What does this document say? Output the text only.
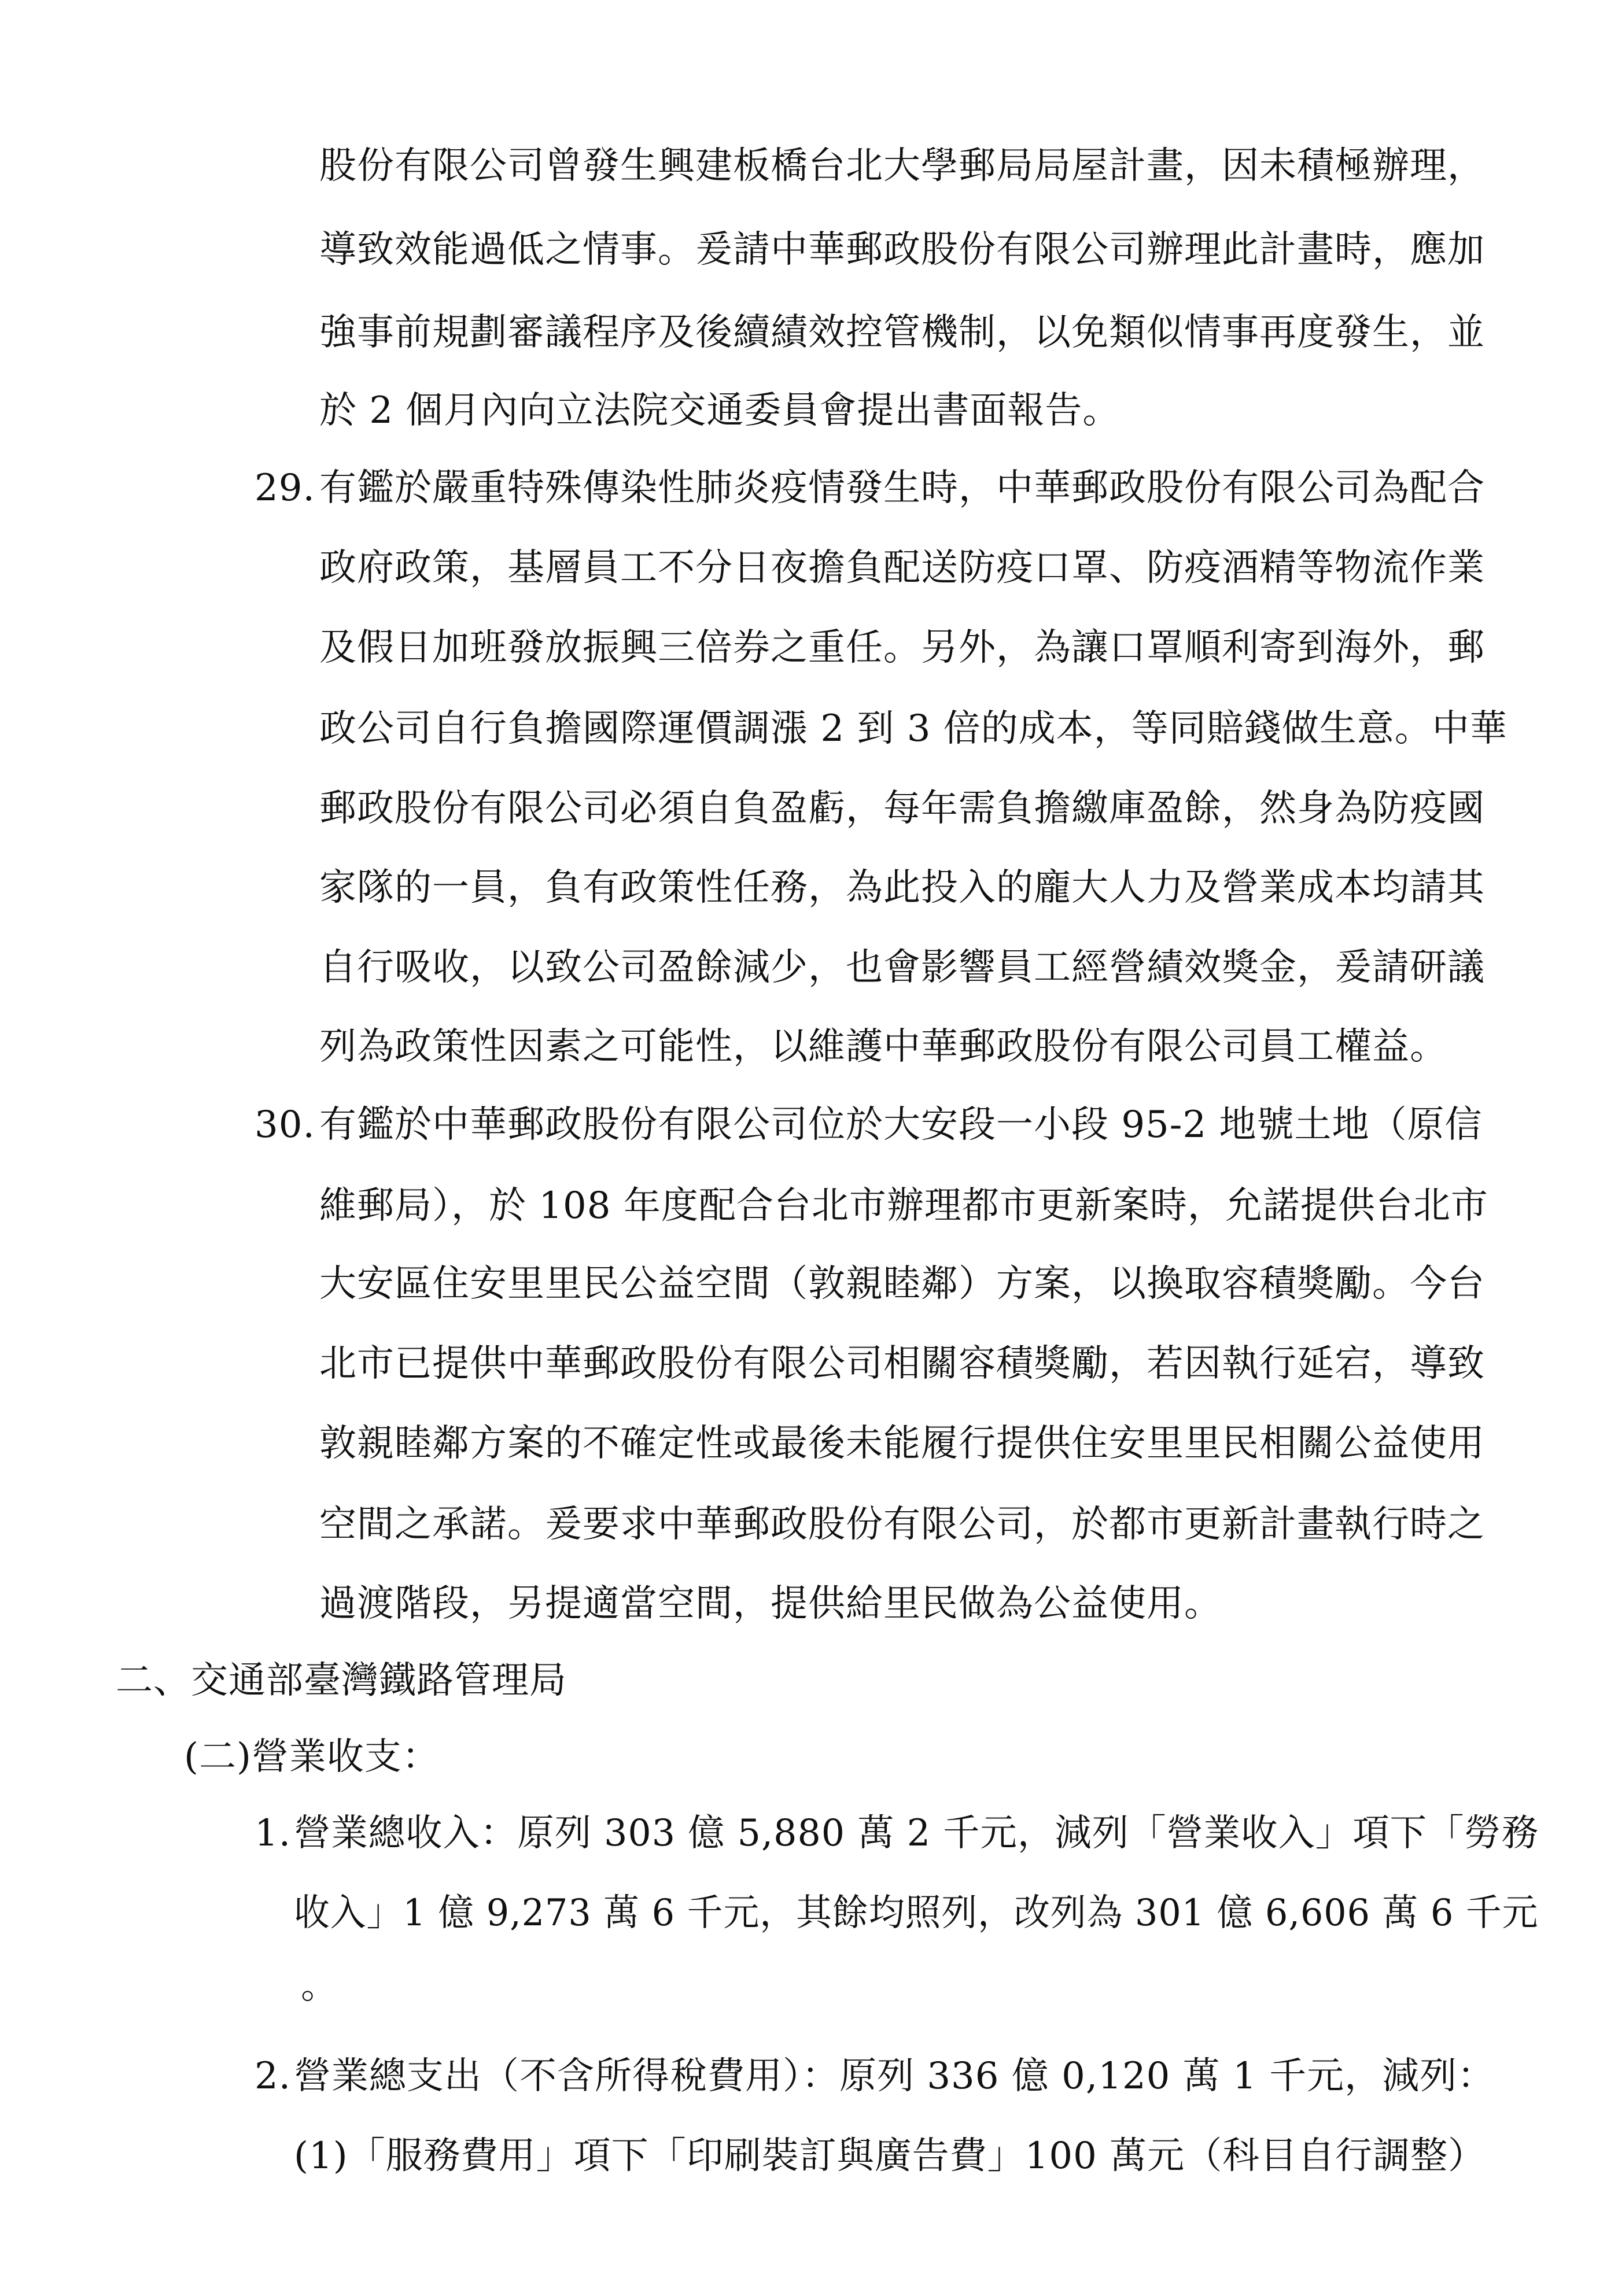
股份有限公司曾發生興建板橋台北大學郵局局屋計畫，因未積極辦理，
導致效能過低之情事。爰請中華郵政股份有限公司辦理此計畫時，應加
強事前規劃審議程序及後續績效控管機制，以免類似情事再度發生，並
於 2 個月內向立法院交通委員會提出書面報告。
29. 有鑑於嚴重特殊傳染性肺炎疫情發生時，中華郵政股份有限公司為配合
政府政策，基層員工不分日夜擔負配送防疫口罩、防疫酒精等物流作業
及假日加班發放振興三倍券之重任。另外，為讓口罩順利寄到海外，郵
政公司自行負擔國際運價調漲 2 到 3 倍的成本，等同賠錢做生意。中華
郵政股份有限公司必須自負盈虧，每年需負擔繳庫盈餘，然身為防疫國
家隊的一員，負有政策性任務，為此投入的龐大人力及營業成本均請其
自行吸收，以致公司盈餘減少，也會影響員工經營績效獎金，爰請研議
列為政策性因素之可能性，以維護中華郵政股份有限公司員工權益。
30. 有鑑於中華郵政股份有限公司位於大安段一小段 95-2 地號土地（原信
維郵局），於 108 年度配合台北市辦理都市更新案時，允諾提供台北市
大安區住安里里民公益空間（敦親睦鄰）方案，以換取容積獎勵。今台
北市已提供中華郵政股份有限公司相關容積獎勵，若因執行延宕，導致
敦親睦鄰方案的不確定性或最後未能履行提供住安里里民相關公益使用
空間之承諾。爰要求中華郵政股份有限公司，於都市更新計畫執行時之
過渡階段，另提適當空間，提供給里民做為公益使用。
二、交通部臺灣鐵路管理局
(二)營業收支：
1. 營業總收入：原列 303 億 5,880 萬 2 千元，減列「營業收入」項下「勞務
收入」1 億 9,273 萬 6 千元，其餘均照列，改列為 301 億 6,606 萬 6 千元
。
2. 營業總支出（不含所得稅費用）：原列 336 億 0,120 萬 1 千元，減列：
(1)「服務費用」項下「印刷裝訂與廣告費」100 萬元（科目自行調整）
